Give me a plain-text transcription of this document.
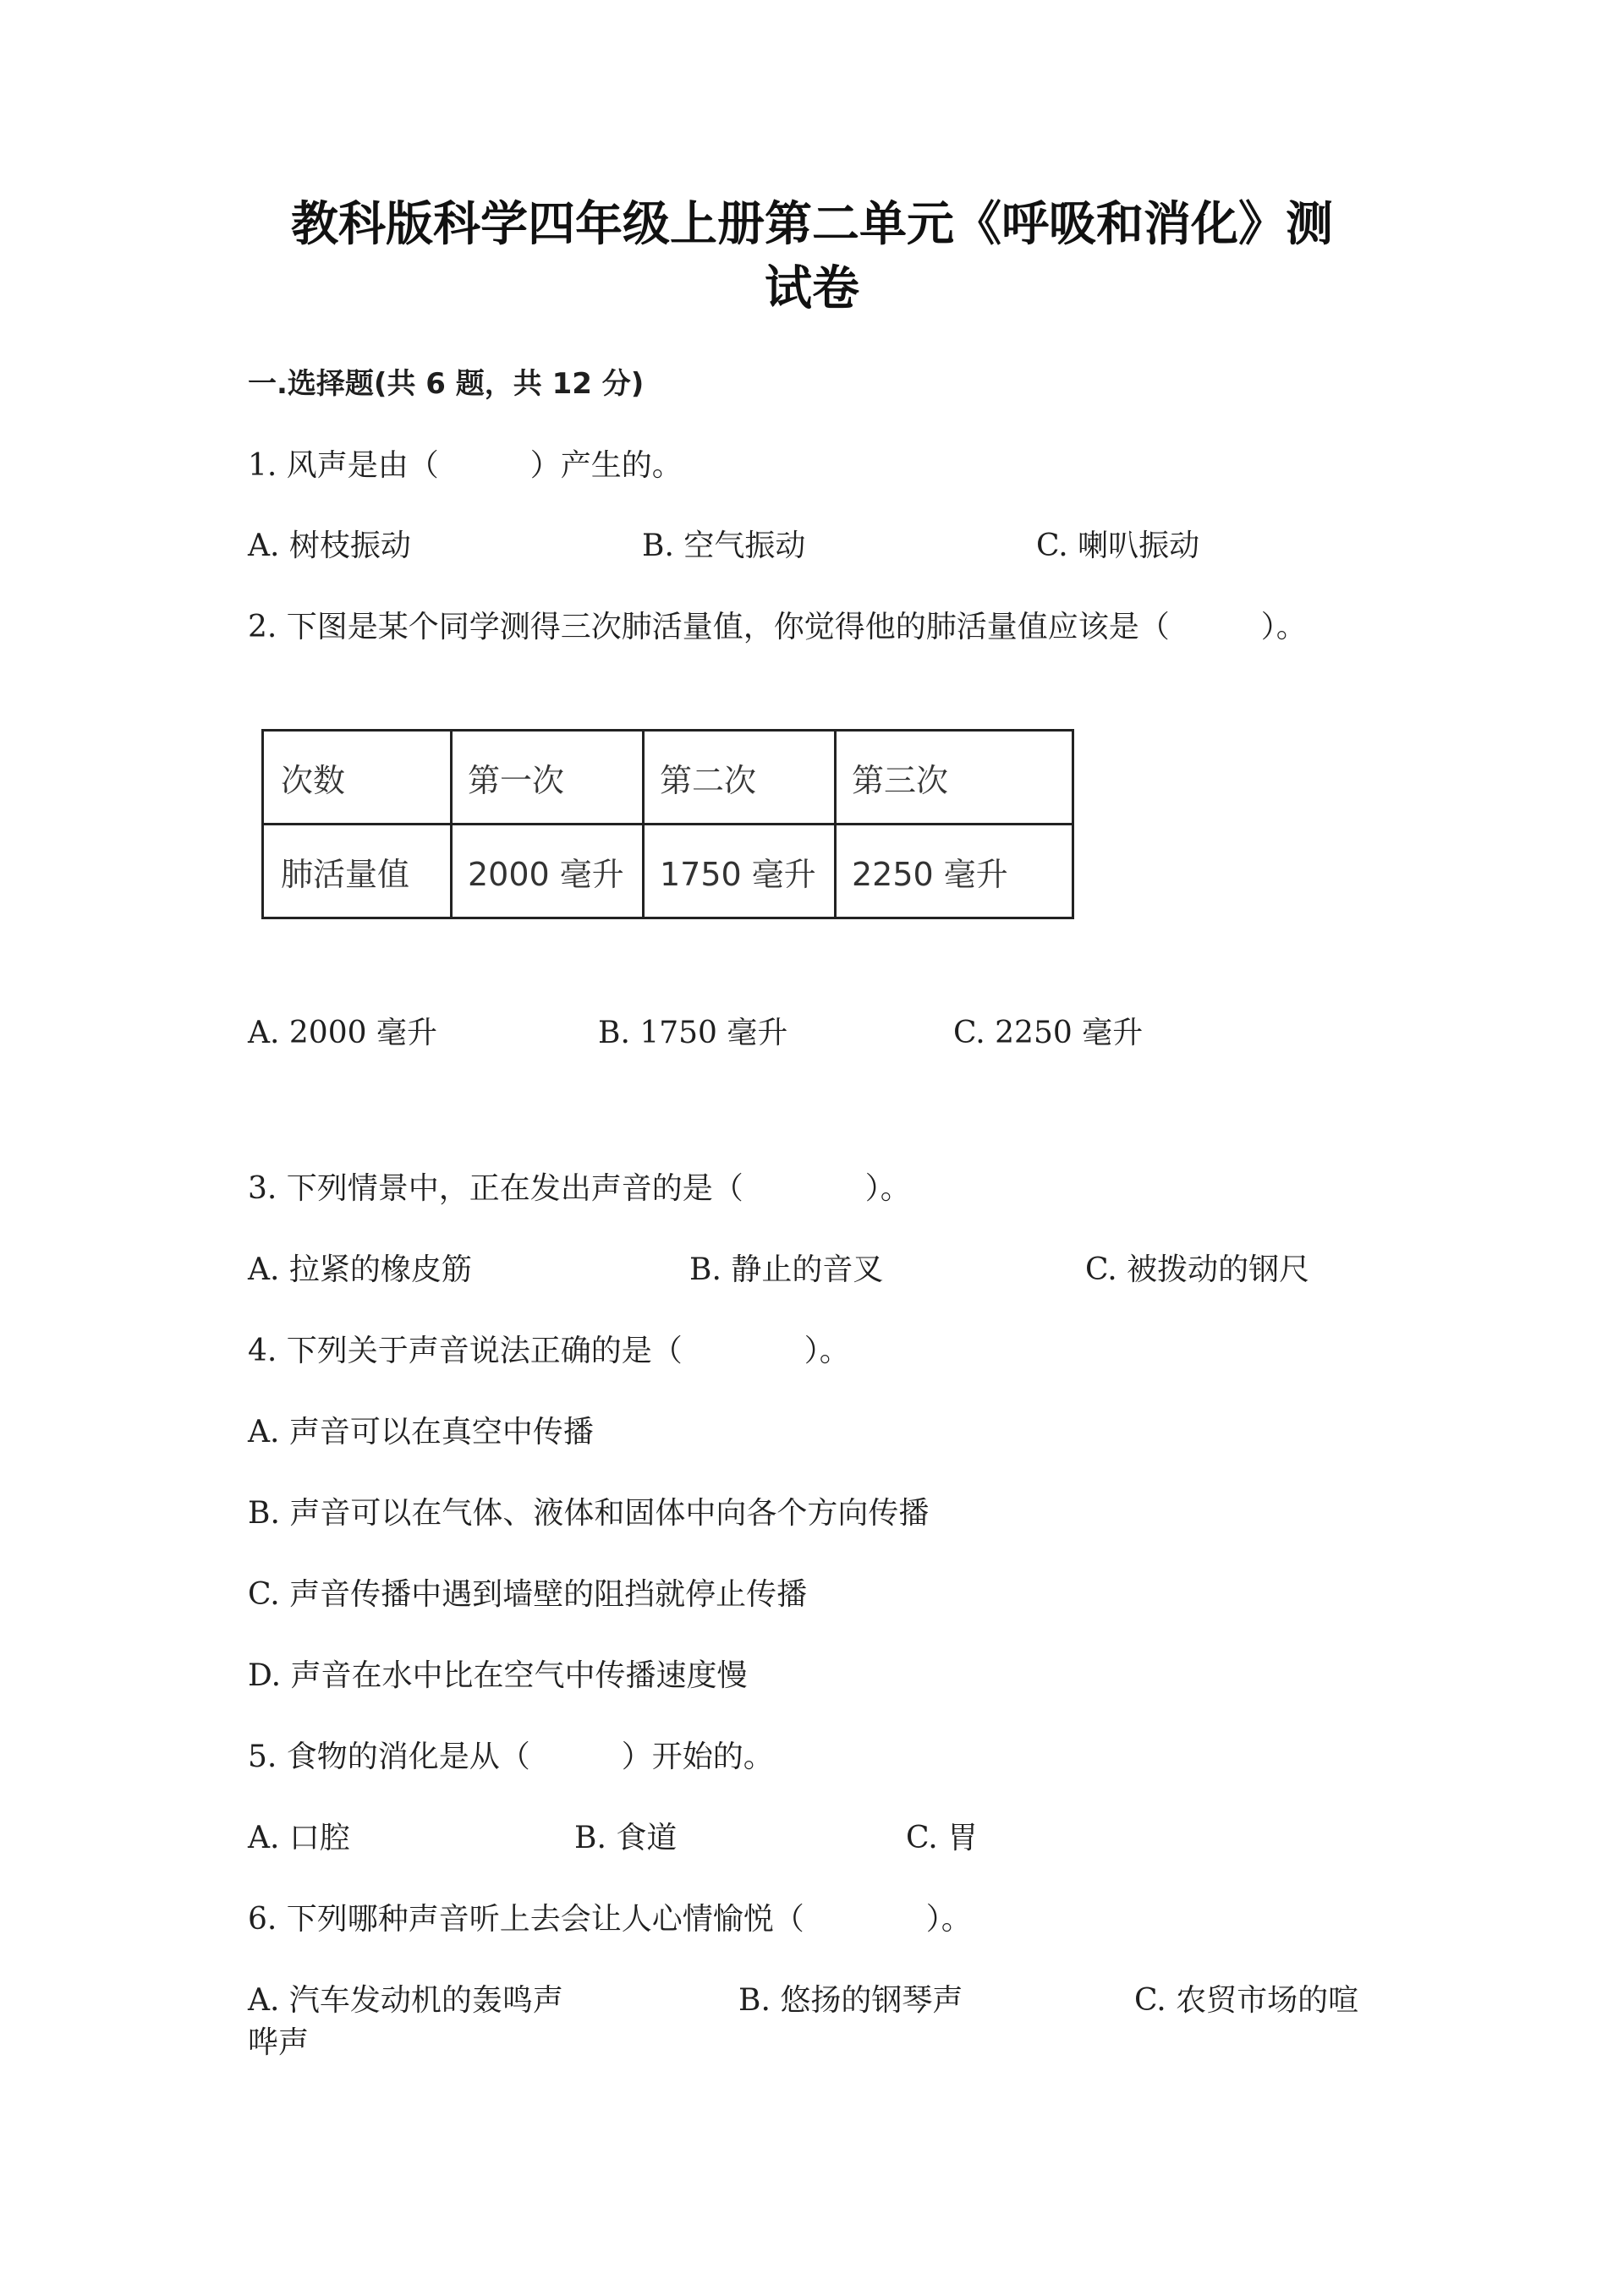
教科版科学四年级上册第二单元《呼吸和消化》测
试卷
一.选择题(共 6 题，共 12 分)
1. 风声是由（　　　）产生的。
A. 树枝振动	B. 空气振动	C. 喇叭振动
2. 下图是某个同学测得三次肺活量值，你觉得他的肺活量值应该是（　　　）。
次数	第一次	第二次	第三次
肺活量值	2000 毫升	1750 毫升	2250 毫升
A. 2000 毫升	B. 1750 毫升	C. 2250 毫升
3. 下列情景中，正在发出声音的是（　　　　）。
A. 拉紧的橡皮筋	B. 静止的音叉	C. 被拨动的钢尺
4. 下列关于声音说法正确的是（　　　　）。
A. 声音可以在真空中传播
B. 声音可以在气体、液体和固体中向各个方向传播
C. 声音传播中遇到墙壁的阻挡就停止传播
D. 声音在水中比在空气中传播速度慢
5. 食物的消化是从（　　　）开始的。
A. 口腔	B. 食道	C. 胃
6. 下列哪种声音听上去会让人心情愉悦（　　　　）。
A. 汽车发动机的轰鸣声	B. 悠扬的钢琴声	C. 农贸市场的喧
哗声
